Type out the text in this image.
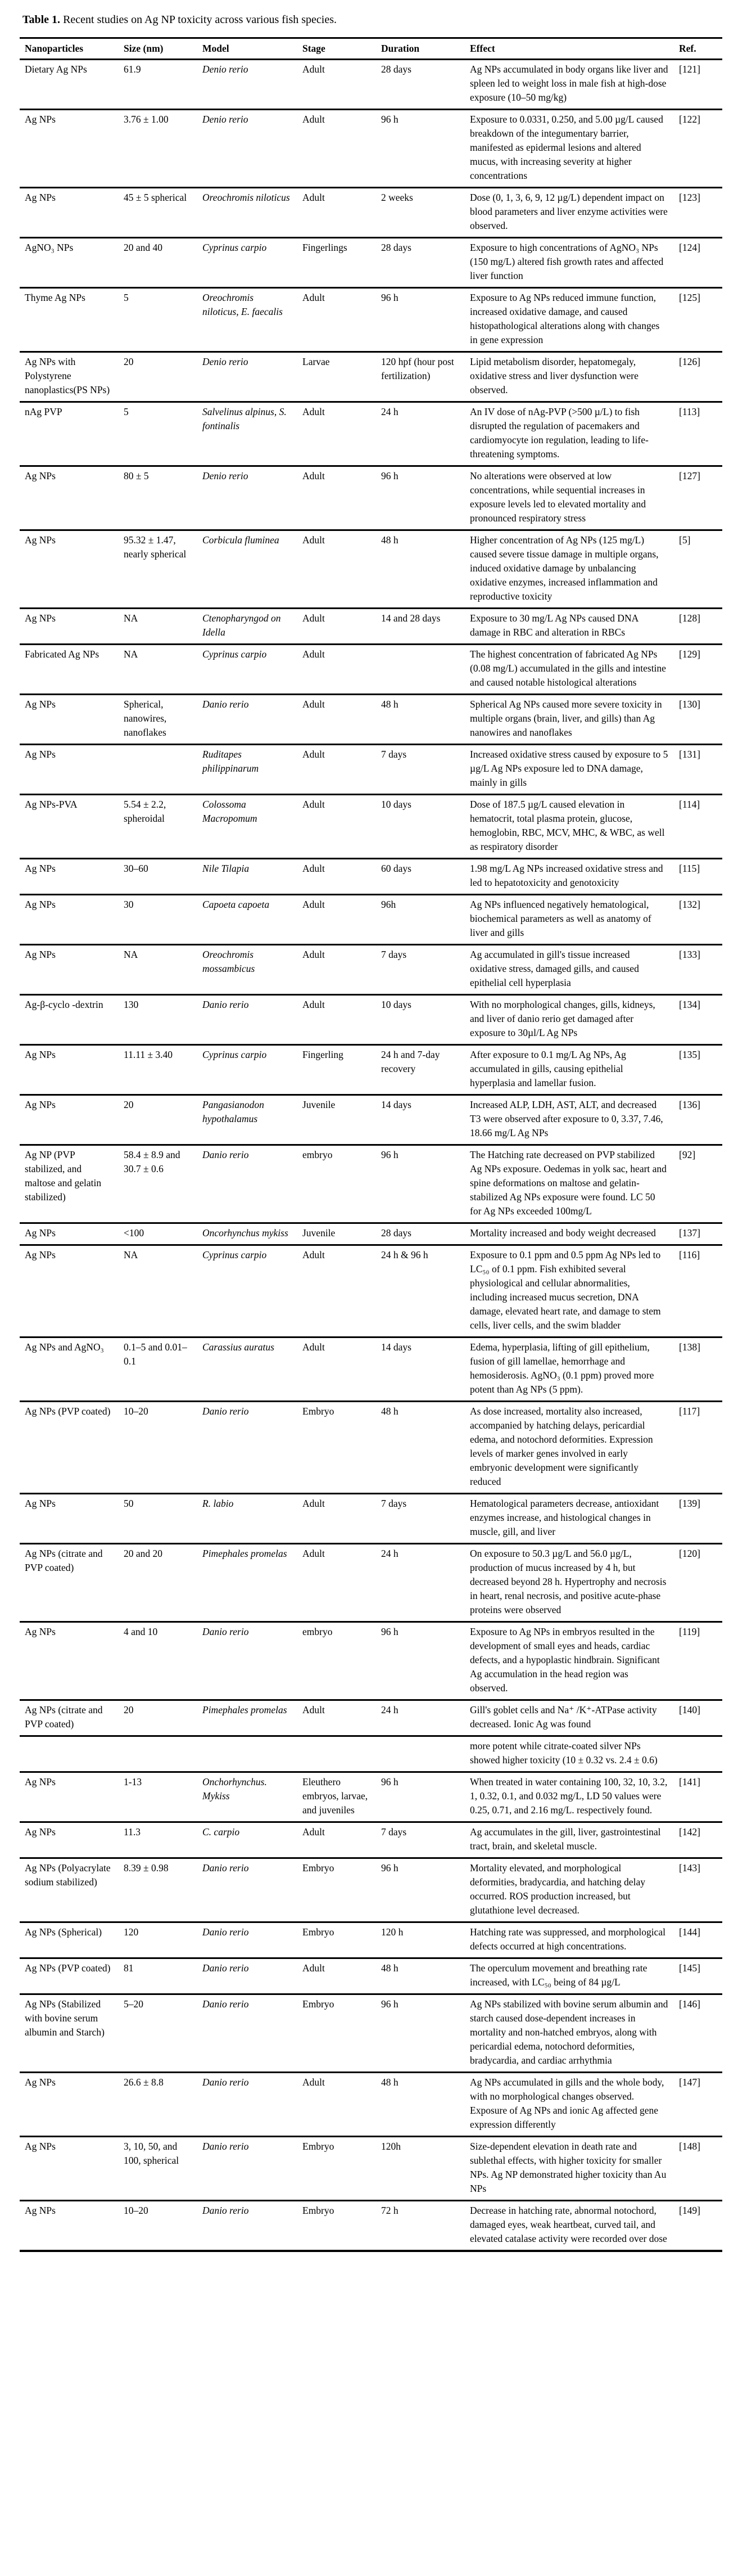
Table 1. Recent studies on Ag NP toxicity across various fish species.
Nanoparticles	Size (nm)	Model	Stage	Duration	Effect	Ref.
Dietary Ag NPs	61.9	Denio rerio	Adult	28 days	Ag NPs accumulated in body organs like liver and spleen led to weight loss in male fish at high-dose exposure (10–50 mg/kg)	[121]
Ag NPs	3.76 ± 1.00	Denio rerio	Adult	96 h	Exposure to 0.0331, 0.250, and 5.00 µg/L caused breakdown of the integumentary barrier, manifested as epidermal lesions and altered mucus, with increasing severity at higher concentrations	[122]
Ag NPs	45 ± 5 spherical	Oreochromis niloticus	Adult	2 weeks	Dose (0, 1, 3, 6, 9, 12 µg/L) dependent impact on blood parameters and liver enzyme activities were observed.	[123]
AgNO₃ NPs	20 and 40	Cyprinus carpio	Fingerlings	28 days	Exposure to high concentrations of AgNO₃ NPs (150 mg/L) altered fish growth rates and affected liver function	[124]
Thyme Ag NPs	5	Oreochromis niloticus, E. faecalis	Adult	96 h	Exposure to Ag NPs reduced immune function, increased oxidative damage, and caused histopathological alterations along with changes in gene expression	[125]
Ag NPs with Polystyrene nanoplastics(PS NPs)	20	Denio rerio	Larvae	120 hpf (hour post fertilization)	Lipid metabolism disorder, hepatomegaly, oxidative stress and liver dysfunction were observed.	[126]
nAg PVP	5	Salvelinus alpinus, S. fontinalis	Adult	24 h	An IV dose of nAg-PVP (>500 µ/L) to fish disrupted the regulation of pacemakers and cardiomyocyte ion regulation, leading to life-threatening symptoms.	[113]
Ag NPs	80 ± 5	Denio rerio	Adult	96 h	No alterations were observed at low concentrations, while sequential increases in exposure levels led to elevated mortality and pronounced respiratory stress	[127]
Ag NPs	95.32 ± 1.47, nearly spherical	Corbicula fluminea	Adult	48 h	Higher concentration of Ag NPs (125 mg/L) caused severe tissue damage in multiple organs, induced oxidative damage by unbalancing oxidative enzymes, increased inflammation and reproductive toxicity	[5]
Ag NPs	NA	Ctenopharyngod on Idella	Adult	14 and 28 days	Exposure to 30 mg/L Ag NPs caused DNA damage in RBC and alteration in RBCs	[128]
Fabricated Ag NPs	NA	Cyprinus carpio	Adult		The highest concentration of fabricated Ag NPs (0.08 mg/L) accumulated in the gills and intestine and caused notable histological alterations	[129]
Ag NPs	Spherical, nanowires, nanoflakes	Danio rerio	Adult	48 h	Spherical Ag NPs caused more severe toxicity in multiple organs (brain, liver, and gills) than Ag nanowires and nanoflakes	[130]
Ag NPs		Ruditapes philippinarum	Adult	7 days	Increased oxidative stress caused by exposure to 5 µg/L Ag NPs exposure led to DNA damage, mainly in gills	[131]
Ag NPs-PVA	5.54 ± 2.2, spheroidal	Colossoma Macropomum	Adult	10 days	Dose of 187.5 µg/L caused elevation in hematocrit, total plasma protein, glucose, hemoglobin, RBC, MCV, MHC, & WBC, as well as respiratory disorder	[114]
Ag NPs	30–60	Nile Tilapia	Adult	60 days	1.98 mg/L Ag NPs increased oxidative stress and led to hepatotoxicity and genotoxicity	[115]
Ag NPs	30	Capoeta capoeta	Adult	96h	Ag NPs influenced negatively hematological, biochemical parameters as well as anatomy of liver and gills	[132]
Ag NPs	NA	Oreochromis mossambicus	Adult	7 days	Ag accumulated in gill's tissue increased oxidative stress, damaged gills, and caused epithelial cell hyperplasia	[133]
Ag-β-cyclo -dextrin	130	Danio rerio	Adult	10 days	With no morphological changes, gills, kidneys, and liver of danio rerio get damaged after exposure to 30µl/L Ag NPs	[134]
Ag NPs	11.11 ± 3.40	Cyprinus carpio	Fingerling	24 h and 7-day recovery	After exposure to 0.1 mg/L Ag NPs, Ag accumulated in gills, causing epithelial hyperplasia and lamellar fusion.	[135]
Ag NPs	20	Pangasianodon hypothalamus	Juvenile	14 days	Increased ALP, LDH, AST, ALT, and decreased T3 were observed after exposure to 0, 3.37, 7.46, 18.66 mg/L Ag NPs	[136]
Ag NP (PVP stabilized, and maltose and gelatin stabilized)	58.4 ± 8.9 and 30.7 ± 0.6	Danio rerio	embryo	96 h	The Hatching rate decreased on PVP stabilized Ag NPs exposure. Oedemas in yolk sac, heart and spine deformations on maltose and gelatin-stabilized Ag NPs exposure were found. LC 50 for Ag NPs exceeded 100mg/L	[92]
Ag NPs	<100	Oncorhynchus mykiss	Juvenile	28 days	Mortality increased and body weight decreased	[137]
Ag NPs	NA	Cyprinus carpio	Adult	24 h & 96 h	Exposure to 0.1 ppm and 0.5 ppm Ag NPs led to LC₅₀ of 0.1 ppm. Fish exhibited several physiological and cellular abnormalities, including increased mucus secretion, DNA damage, elevated heart rate, and damage to stem cells, liver cells, and the swim bladder	[116]
Ag NPs and AgNO₃	0.1–5 and 0.01–0.1	Carassius auratus	Adult	14 days	Edema, hyperplasia, lifting of gill epithelium, fusion of gill lamellae, hemorrhage and hemosiderosis. AgNO₃ (0.1 ppm) proved more potent than Ag NPs (5 ppm).	[138]
Ag NPs (PVP coated)	10–20	Danio rerio	Embryo	48 h	As dose increased, mortality also increased, accompanied by hatching delays, pericardial edema, and notochord deformities. Expression levels of marker genes involved in early embryonic development were significantly reduced	[117]
Ag NPs	50	R. labio	Adult	7 days	Hematological parameters decrease, antioxidant enzymes increase, and histological changes in muscle, gill, and liver	[139]
Ag NPs (citrate and PVP coated)	20 and 20	Pimephales promelas	Adult	24 h	On exposure to 50.3 µg/L and 56.0 µg/L, production of mucus increased by 4 h, but decreased beyond 28 h. Hypertrophy and necrosis in heart, renal necrosis, and positive acute-phase proteins were observed	[120]
Ag NPs	4 and 10	Danio rerio	embryo	96 h	Exposure to Ag NPs in embryos resulted in the development of small eyes and heads, cardiac defects, and a hypoplastic hindbrain. Significant Ag accumulation in the head region was observed.	[119]
Ag NPs (citrate and PVP coated)	20	Pimephales promelas	Adult	24 h	Gill's goblet cells and Na⁺ /K⁺-ATPase activity decreased. Ionic Ag was found	[140]
					more potent while citrate-coated silver NPs showed higher toxicity (10 ± 0.32 vs. 2.4 ± 0.6)	
Ag NPs	1-13	Onchorhynchus. Mykiss	Eleuthero embryos, larvae, and juveniles	96 h	When treated in water containing 100, 32, 10, 3.2, 1, 0.32, 0.1, and 0.032 mg/L, LD 50 values were 0.25, 0.71, and 2.16 mg/L. respectively found.	[141]
Ag NPs	11.3	C. carpio	Adult	7 days	Ag accumulates in the gill, liver, gastrointestinal tract, brain, and skeletal muscle.	[142]
Ag NPs (Polyacrylate sodium stabilized)	8.39 ± 0.98	Danio rerio	Embryo	96 h	Mortality elevated, and morphological deformities, bradycardia, and hatching delay occurred. ROS production increased, but glutathione level decreased.	[143]
Ag NPs (Spherical)	120	Danio rerio	Embryo	120 h	Hatching rate was suppressed, and morphological defects occurred at high concentrations.	[144]
Ag NPs (PVP coated)	81	Danio rerio	Adult	48 h	The operculum movement and breathing rate increased, with LC₅₀ being of 84 µg/L	[145]
Ag NPs (Stabilized with bovine serum albumin and Starch)	5–20	Danio rerio	Embryo	96 h	Ag NPs stabilized with bovine serum albumin and starch caused dose-dependent increases in mortality and non-hatched embryos, along with pericardial edema, notochord deformities, bradycardia, and cardiac arrhythmia	[146]
Ag NPs	26.6 ± 8.8	Danio rerio	Adult	48 h	Ag NPs accumulated in gills and the whole body, with no morphological changes observed. Exposure of Ag NPs and ionic Ag affected gene expression differently	[147]
Ag NPs	3, 10, 50, and 100, spherical	Danio rerio	Embryo	120h	Size-dependent elevation in death rate and sublethal effects, with higher toxicity for smaller NPs. Ag NP demonstrated higher toxicity than Au NPs	[148]
Ag NPs	10–20	Danio rerio	Embryo	72 h	Decrease in hatching rate, abnormal notochord, damaged eyes, weak heartbeat, curved tail, and elevated catalase activity were recorded over dose	[149]
